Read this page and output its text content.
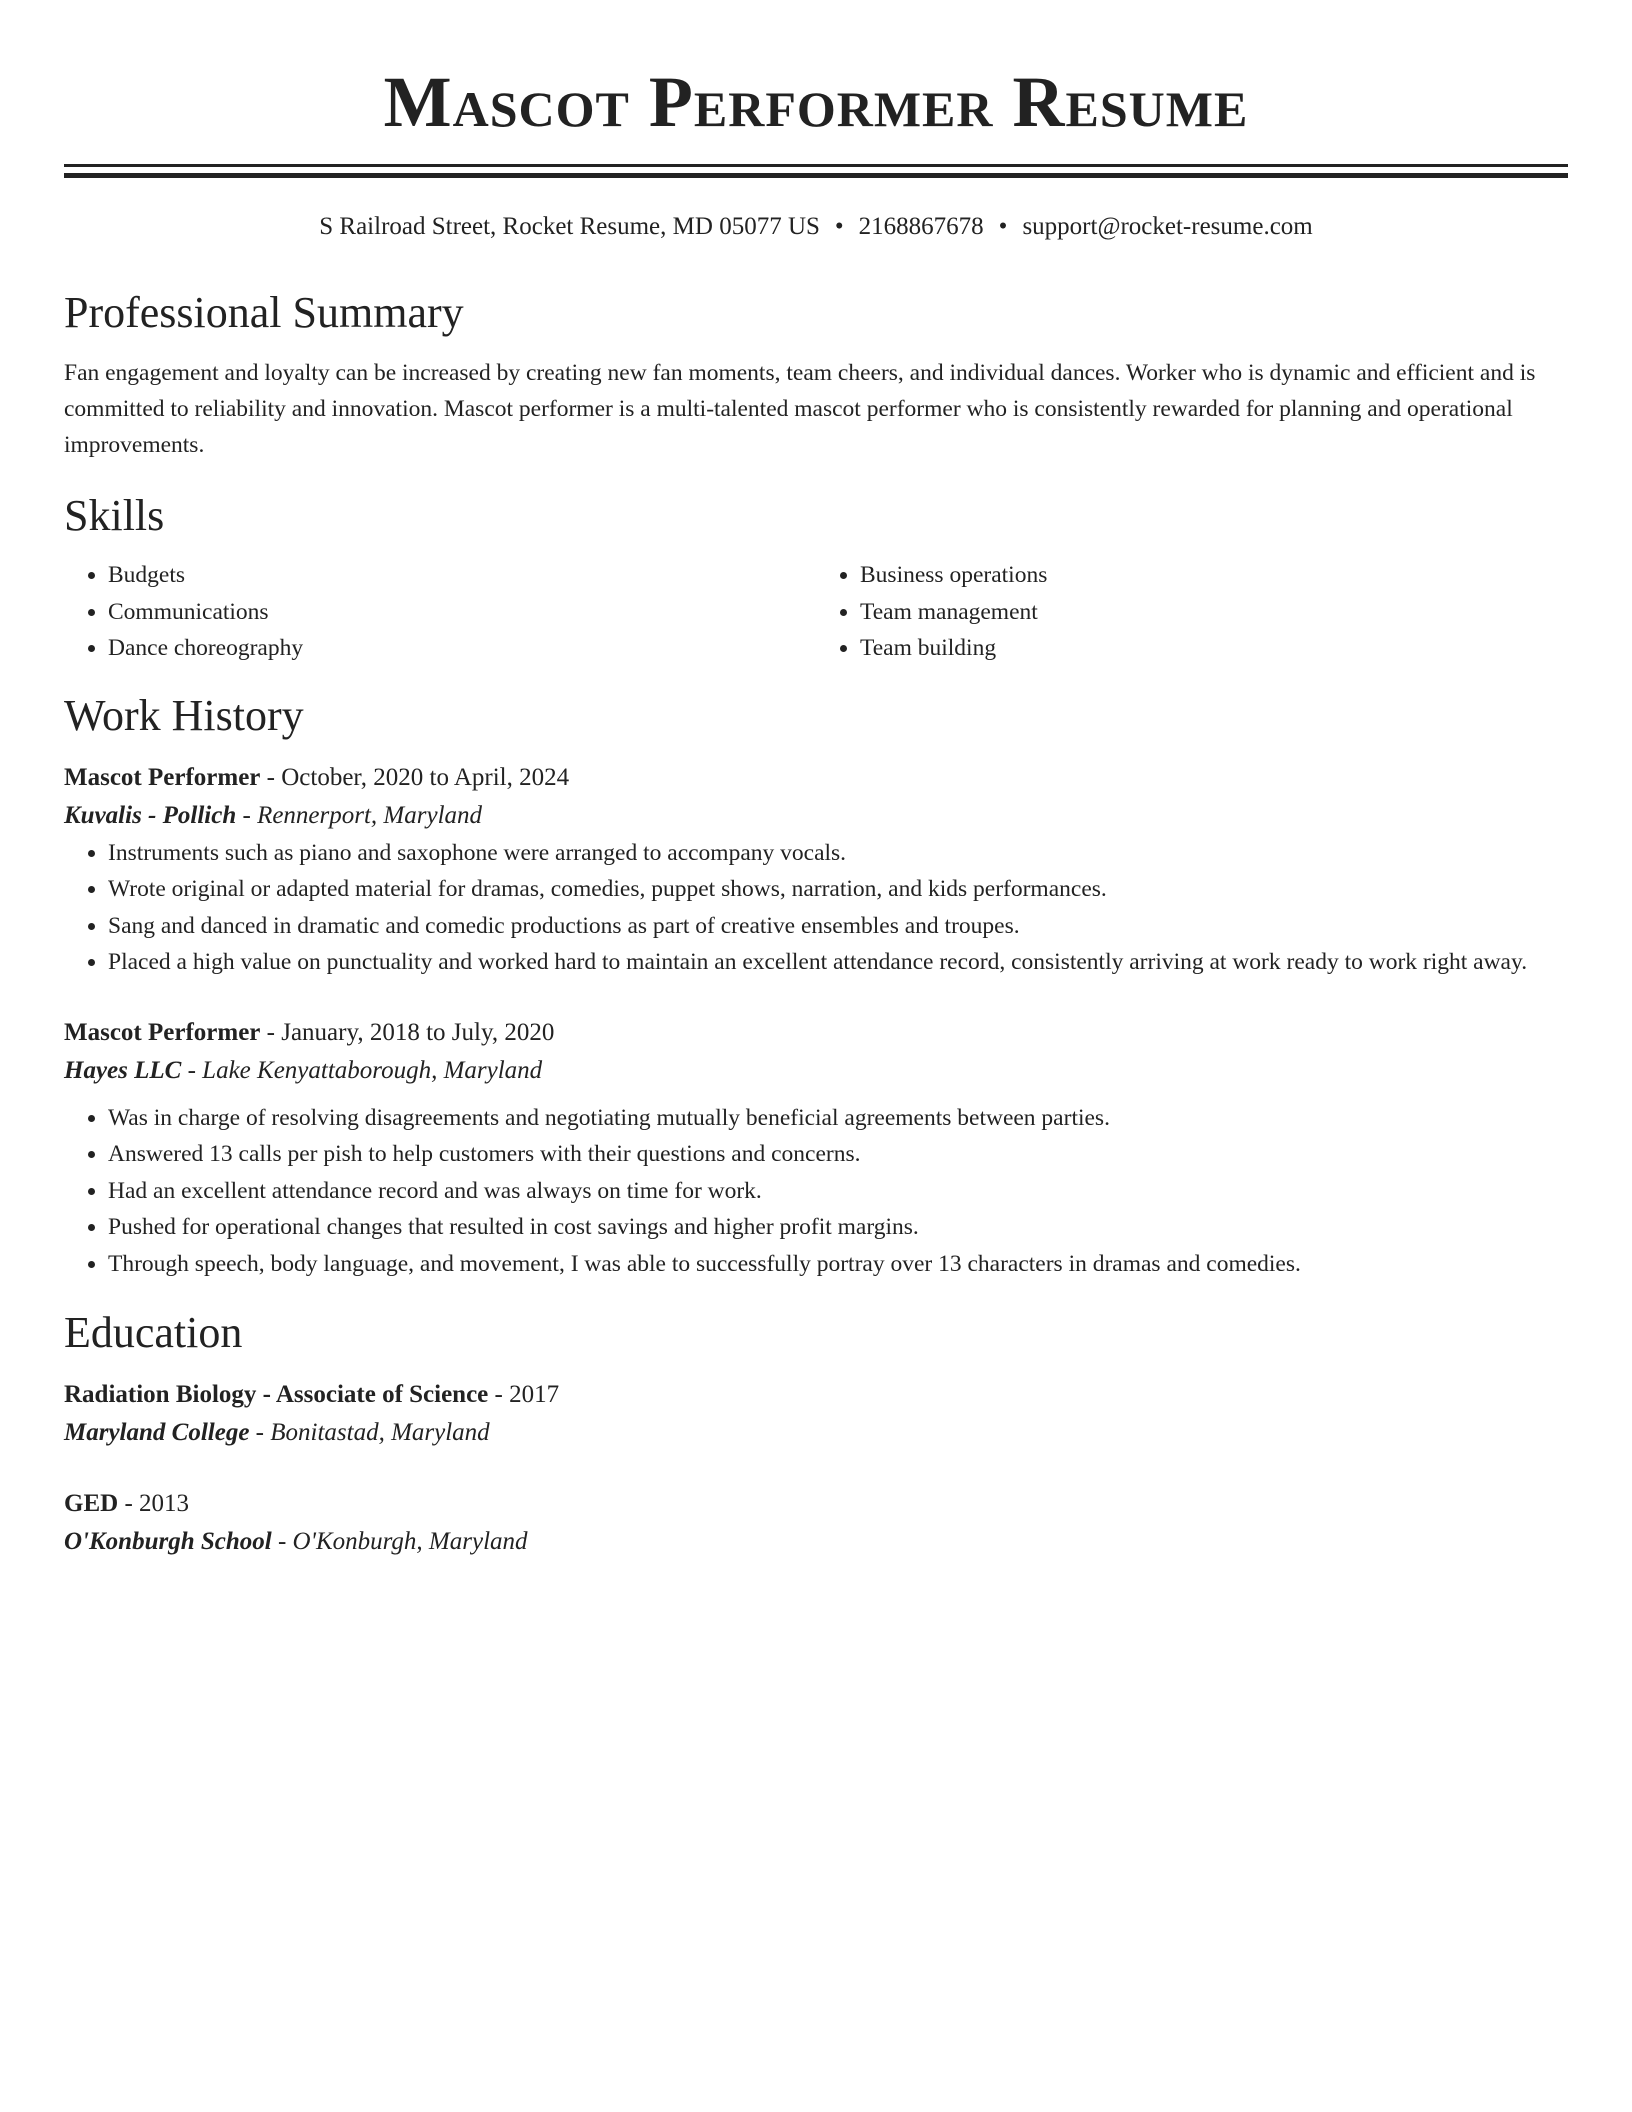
Mascot Performer Resume
S Railroad Street, Rocket Resume, MD 05077 US • 2168867678 • support@rocket-resume.com
Professional Summary

Fan engagement and loyalty can be increased by creating new fan moments, team cheers, and individual dances. Worker who is dynamic and efficient and is committed to reliability and innovation. Mascot performer is a multi-talented mascot performer who is consistently rewarded for planning and operational improvements.

Skills
• Budgets
• Communications
• Dance choreography
• Business operations
• Team management
• Team building
Work History
Mascot Performer - October, 2020 to April, 2024
Kuvalis - Pollich - Rennerport, Maryland
• Instruments such as piano and saxophone were arranged to accompany vocals.
• Wrote original or adapted material for dramas, comedies, puppet shows, narration, and kids performances.
• Sang and danced in dramatic and comedic productions as part of creative ensembles and troupes.
• Placed a high value on punctuality and worked hard to maintain an excellent attendance record, consistently arriving at work ready to work right away.
Mascot Performer - January, 2018 to July, 2020
Hayes LLC - Lake Kenyattaborough, Maryland
• Was in charge of resolving disagreements and negotiating mutually beneficial agreements between parties.
• Answered 13 calls per pish to help customers with their questions and concerns.
• Had an excellent attendance record and was always on time for work.
• Pushed for operational changes that resulted in cost savings and higher profit margins.
• Through speech, body language, and movement, I was able to successfully portray over 13 characters in dramas and comedies.
Education
Radiation Biology - Associate of Science - 2017
Maryland College - Bonitastad, Maryland
GED - 2013
O'Konburgh School - O'Konburgh, Maryland
